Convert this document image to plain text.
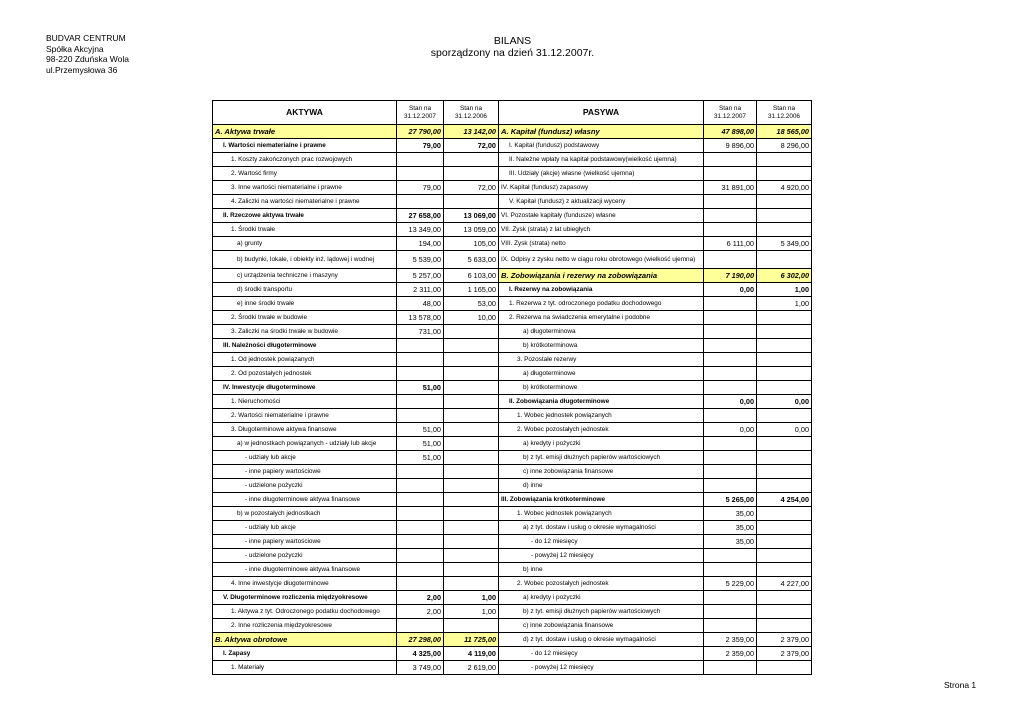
BUDVAR CENTRUM
Spółka Akcyjna
98-220 Zduńska Wola
ul.Przemysłowa 36
BILANS
sporządzony na dzień 31.12.2007r.
AKTYWA	Stan na 31.12.2007	Stan na 31.12.2006	PASYWA	Stan na 31.12.2007	Stan na 31.12.2006
A. Aktywa trwałe	27 790,00	13 142,00	A. Kapitał (fundusz) własny	47 898,00	18 565,00
I. Wartości niematerialne i prawne	79,00	72,00	I. Kapitał (fundusz) podstawowy	9 896,00	8 296,00
1. Koszty zakończonych prac rozwojowych			II. Należne wpłaty na kapitał podstawowy(wielkość ujemna)		
2. Wartość firmy			III. Udziały (akcje) własne (wielkość ujemna)		
3. Inne wartości niematerialne i prawne	79,00	72,00	IV. Kapitał (fundusz) zapasowy	31 891,00	4 920,00
4. Zaliczki na wartości niematerialne i prawne			V. Kapitał (fundusz) z aktualizacji wyceny		
II. Rzeczowe aktywa trwałe	27 658,00	13 069,00	VI. Pozostałe kapitały (fundusze) własne		
1. Środki trwałe	13 349,00	13 059,00	VII. Zysk (strata) z lat ubiegłych		
a) grunty	194,00	105,00	VIII. Zysk (strata) netto	6 111,00	5 349,00
b) budynki, lokale, i obiekty inż. lądowej i wodnej	5 539,00	5 633,00	IX. Odpisy z zysku netto w ciągu roku obrotowego (wielkość ujemna)		
c) urządzenia techniczne i maszyny	5 257,00	6 103,00	B. Zobowiązania i rezerwy na zobowiązania	7 190,00	6 302,00
d) środki transportu	2 311,00	1 165,00	I. Rezerwy na zobowiązania	0,00	1,00
e) inne środki trwałe	48,00	53,00	1. Rezerwa z tyt. odroczonego podatku dochodowego		1,00
2. Środki trwałe w budowie	13 578,00	10,00	2. Rezerwa na świadczenia emerytalne i podobne		
3. Zaliczki na środki trwałe w budowie	731,00		a) długoterminowa		
III. Należności długoterminowe			b) krótkoterminowa		
1. Od jednostek powiązanych			3. Pozostałe rezerwy		
2. Od pozostałych jednostek			a) długoterminowe		
IV. Inwestycje długoterminowe	51,00		b) krótkoterminowe		
1. Nieruchomości			II. Zobowiązania długoterminowe	0,00	0,00
2. Wartości niematerialne i prawne			1. Wobec jednostek powiązanych		
3. Długoterminowe aktywa finansowe	51,00		2. Wobec pozostałych jednostek	0,00	0,00
a) w jednostkach powiązanych - udziały lub akcje	51,00		a) kredyty i pożyczki		
- udziały lub akcje	51,00		b) z tyt. emisji dłużnych papierów wartościowych		
- inne papiery wartościowe			c) inne zobowiązania finansowe		
- udzielone pożyczki			d) inne		
- inne długoterminowe aktywa finansowe			III. Zobowiązania krótkoterminowe	5 265,00	4 254,00
b) w pozostałych jednostkach			1. Wobec jednostek powiązanych	35,00	
- udziały lub akcje			a) z tyt. dostaw i usług o okresie wymagalności	35,00	
- inne papiery wartościowe			- do 12 miesięcy	35,00	
- udzielone pożyczki			- powyżej 12 miesięcy		
- inne długoterminowe aktywa finansowe			b) inne		
4. Inne inwestycje długoterminowe			2. Wobec pozostałych jednostek	5 229,00	4 227,00
V. Długoterminowe rozliczenia międzyokresowe	2,00	1,00	a) kredyty i pożyczki		
1. Aktywa z tyt. Odroczonego podatku dochodowego	2,00	1,00	b) z tyt. emisji dłużnych papierów wartościowych		
2. Inne rozliczenia międzyokresowe			c) inne zobowiązania finansowe		
B. Aktywa obrotowe	27 298,00	11 725,00	d) z tyt. dostaw i usług o okresie wymagalności	2 359,00	2 379,00
I. Zapasy	4 325,00	4 119,00	- do 12 miesięcy	2 359,00	2 379,00
1. Materiały	3 749,00	2 619,00	- powyżej 12 miesięcy		
Strona 1
